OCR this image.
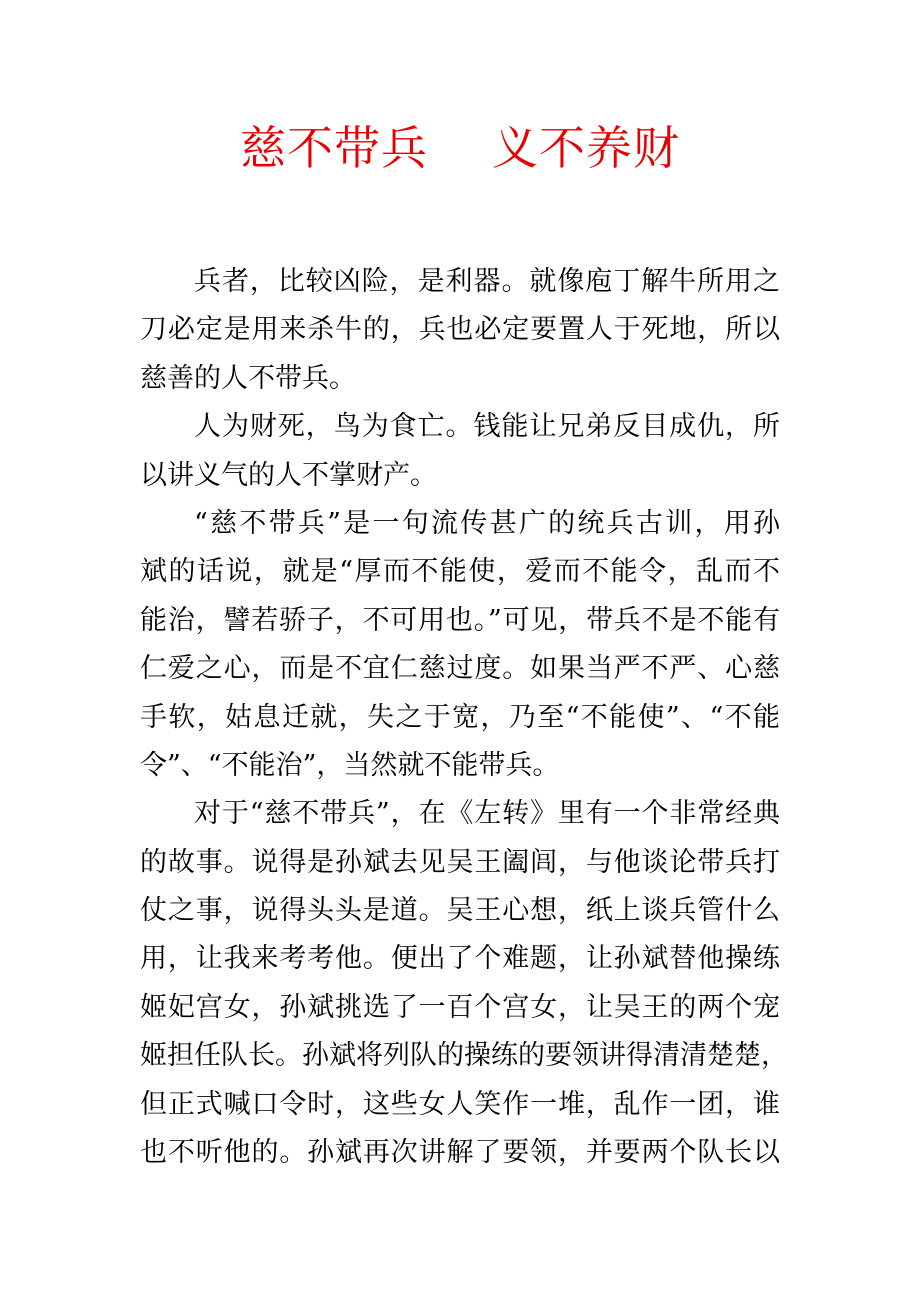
慈不带兵 义不养财
兵者，比较凶险，是利器。就像庖丁解牛所用之
刀必定是用来杀牛的，兵也必定要置人于死地，所以
慈善的人不带兵。
人为财死，鸟为食亡。钱能让兄弟反目成仇，所
以讲义气的人不掌财产。
“慈不带兵”是一句流传甚广的统兵古训，用孙
斌的话说，就是“厚而不能使，爱而不能令，乱而不
能治，譬若骄子，不可用也。”可见，带兵不是不能有
仁爱之心，而是不宜仁慈过度。如果当严不严、心慈
手软，姑息迁就，失之于宽，乃至“不能使”、“不能
令”、“不能治”，当然就不能带兵。
对于“慈不带兵”，在《左转》里有一个非常经典
的故事。说得是孙斌去见吴王阖闾，与他谈论带兵打
仗之事，说得头头是道。吴王心想，纸上谈兵管什么
用，让我来考考他。便出了个难题，让孙斌替他操练
姬妃宫女，孙斌挑选了一百个宫女，让吴王的两个宠
姬担任队长。孙斌将列队的操练的要领讲得清清楚楚，
但正式喊口令时，这些女人笑作一堆，乱作一团，谁
也不听他的。孙斌再次讲解了要领，并要两个队长以
